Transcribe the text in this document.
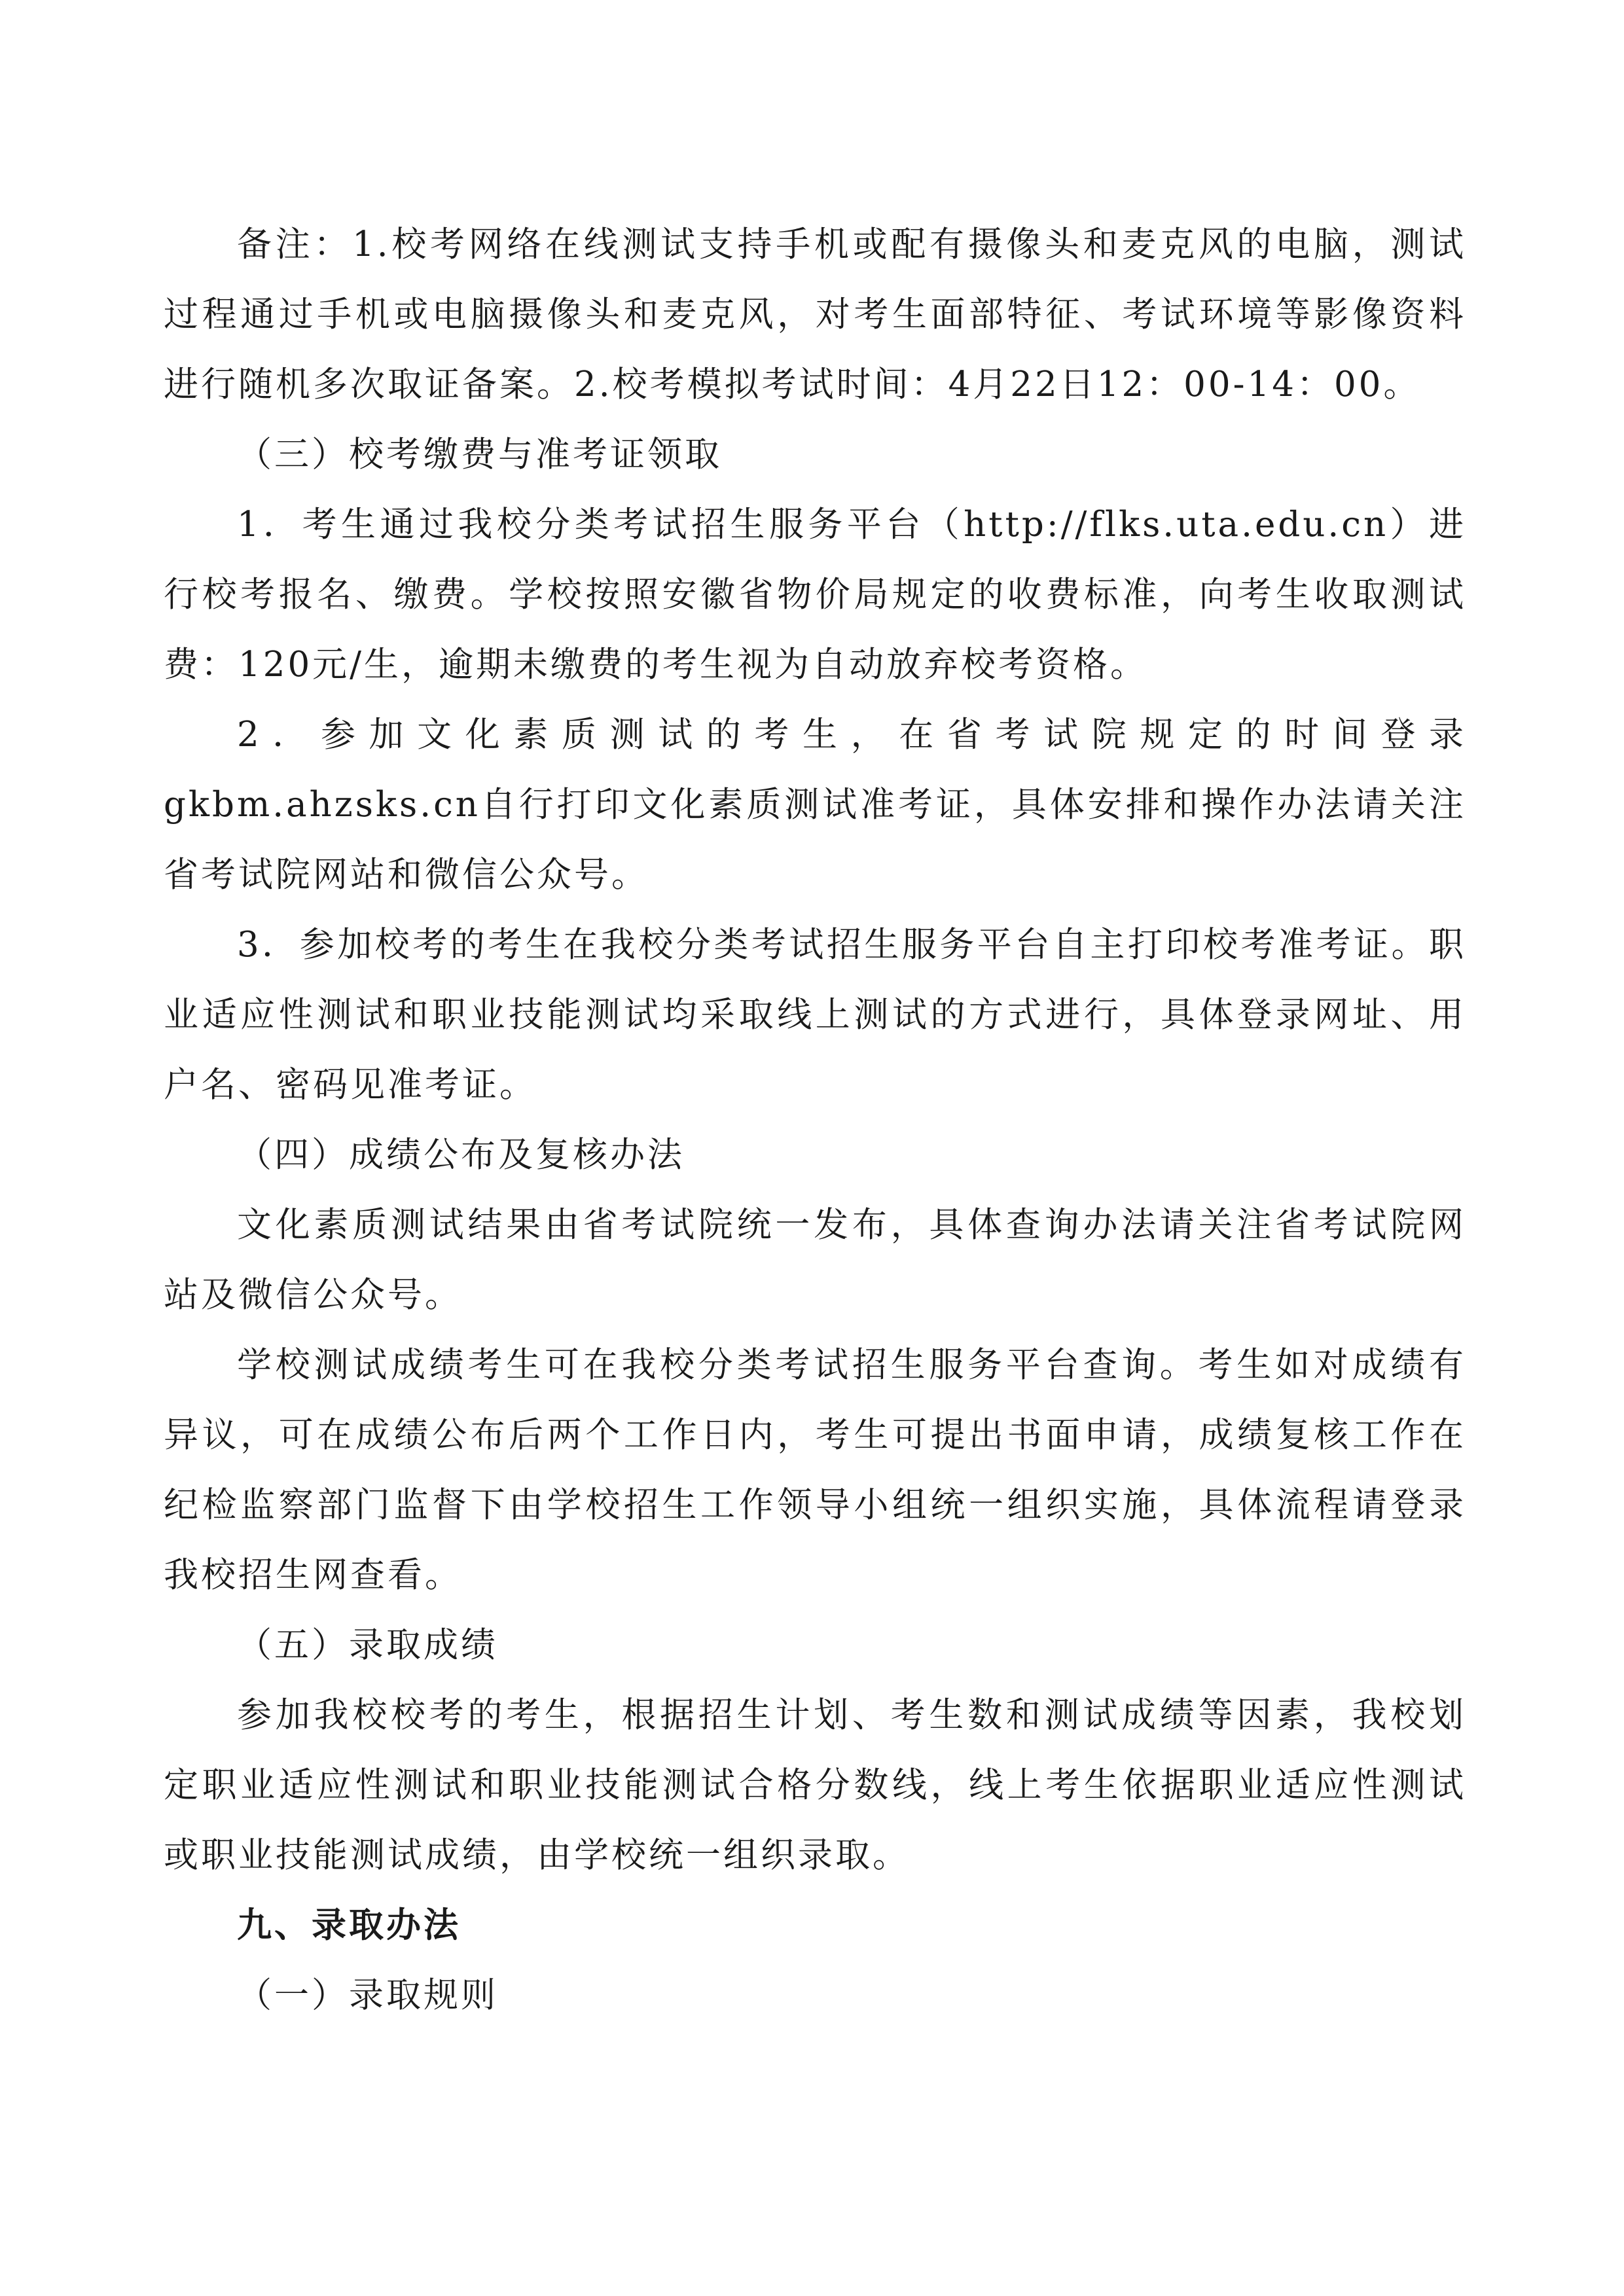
备注：1.校考网络在线测试支持手机或配有摄像头和麦克风的电脑，测试过程通过手机或电脑摄像头和麦克风，对考生面部特征、考试环境等影像资料进行随机多次取证备案。2.校考模拟考试时间：4月22日12：00-14：00。

（三）校考缴费与准考证领取

1．考生通过我校分类考试招生服务平台（http://flks.uta.edu.cn）进行校考报名、缴费。学校按照安徽省物价局规定的收费标准，向考生收取测试费：120元/生，逾期未缴费的考生视为自动放弃校考资格。

2．参加文化素质测试的考生，在省考试院规定的时间登录gkbm.ahzsks.cn自行打印文化素质测试准考证，具体安排和操作办法请关注省考试院网站和微信公众号。

3．参加校考的考生在我校分类考试招生服务平台自主打印校考准考证。职业适应性测试和职业技能测试均采取线上测试的方式进行，具体登录网址、用户名、密码见准考证。

（四）成绩公布及复核办法

文化素质测试结果由省考试院统一发布，具体查询办法请关注省考试院网站及微信公众号。

学校测试成绩考生可在我校分类考试招生服务平台查询。考生如对成绩有异议，可在成绩公布后两个工作日内，考生可提出书面申请，成绩复核工作在纪检监察部门监督下由学校招生工作领导小组统一组织实施，具体流程请登录我校招生网查看。

（五）录取成绩

参加我校校考的考生，根据招生计划、考生数和测试成绩等因素，我校划定职业适应性测试和职业技能测试合格分数线，线上考生依据职业适应性测试或职业技能测试成绩，由学校统一组织录取。

九、录取办法

（一）录取规则
